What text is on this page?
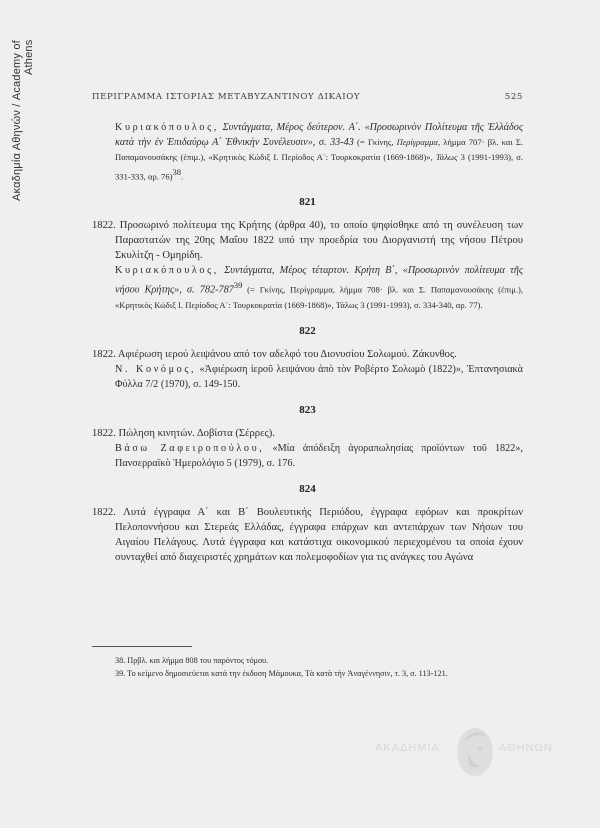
Ακαδημία Αθηνών / Academy of Athens
ΠΕΡΙΓΡΑΜΜΑ ΙΣΤΟΡΙΑΣ ΜΕΤΑΒΥΖΑΝΤΙΝΟΥ ΔΙΚΑΙΟΥ	525
Κυριακόπουλος, Συντάγματα, Μέρος δεύτερον. Α΄. «Προσωρινὸν Πολίτευμα τῆς Ἑλλάδος κατὰ τὴν ἐν Ἐπιδαύρῳ Α΄ Ἐθνικὴν Συνέλευσιν», σ. 33-43 (= Γκίνης, Περίγραμμα, λήμμα 707· βλ. και Σ. Παπαμανουσάκης (έπιμ.), «Κρητικὸς Κώδιξ Ι. Περίοδος Α΄: Τουρκοκρατία (1669-1868)», Τάλως 3 (1991-1993), σ. 331-333, αρ. 76)$^{38}$.
821
1822. Προσωρινό πολίτευμα της Κρήτης (άρθρα 40), το οποίο ψηφίσθηκε από τη συνέλευση των Παραστατών της 20ης Μαΐου 1822 υπό την προεδρία του Διοργανιστή της νήσου Πέτρου Σκυλίτζη - Ομηρίδη.
Κυριακόπουλος, Συντάγματα, Μέρος τέταρτον. Κρήτη Β΄, «Προσωρινὸν πολίτευμα τῆς νήσου Κρήτης», σ. $782-787^{39}$ (= Γκίνης, Περίγραμμα, λήμμα 708· βλ. και Σ. Παπαμανουσάκης (έπιμ.), «Κρητικὸς Κώδιξ Ι. Περίοδος Α΄: Τουρκοκρατία (1669-1868)», Τάλως 3 (1991-1993), σ. 334-340, αρ. 77).
822
1822. Αφιέρωση ιερού λειψάνου από τον αδελφό του Διονυσίου Σολωμού. Ζάκυνθος.
Ν. Κονόμος, «Ἀφιέρωση ἱεροῦ λειψάνου ἀπὸ τὸν Ροβέρτο Σολωμὸ (1822)», Ἑπτανησιακὰ Φύλλα 7/2 (1970), σ. 149-150.
823
1822. Πώληση κινητών. Δοβίστα (Σέρρες).
Βάσω Ζαφειροπούλου, «Μία ἀπόδειξη ἀγοραπωλησίας προϊόντων τοῦ 1822», Πανσερραϊκὸ Ἡμερολόγιο 5 (1979), σ. 176.
824
1822. Λυτά έγγραφα Α΄ και Β΄ Βουλευτικής Περιόδου, έγγραφα εφόρων και προκρίτων Πελοποννήσου και Στερεάς Ελλάδας, έγγραφα επάρχων και αντεπάρχων των Νήσων του Αιγαίου Πελάγους. Λυτά έγγραφα και κατάστιχα οικονομικού περιεχομένου τα οποία έχουν συνταχθεί από διαχειριστές χρημάτων και πολεμοφοδίων για τις ανάγκες του Αγώνα
38. Πρβλ. και λήμμα 808 του παρόντος τόμου.
39. Το κείμενο δημοσιεύεται κατά την έκδοση Μάμουκα, Τὰ κατὰ τὴν Ἀναγέννησιν, τ. 3, σ. 113-121.
ΑΚΑΔΗΜΙΑ	ΑΘΗΝΩΝ
